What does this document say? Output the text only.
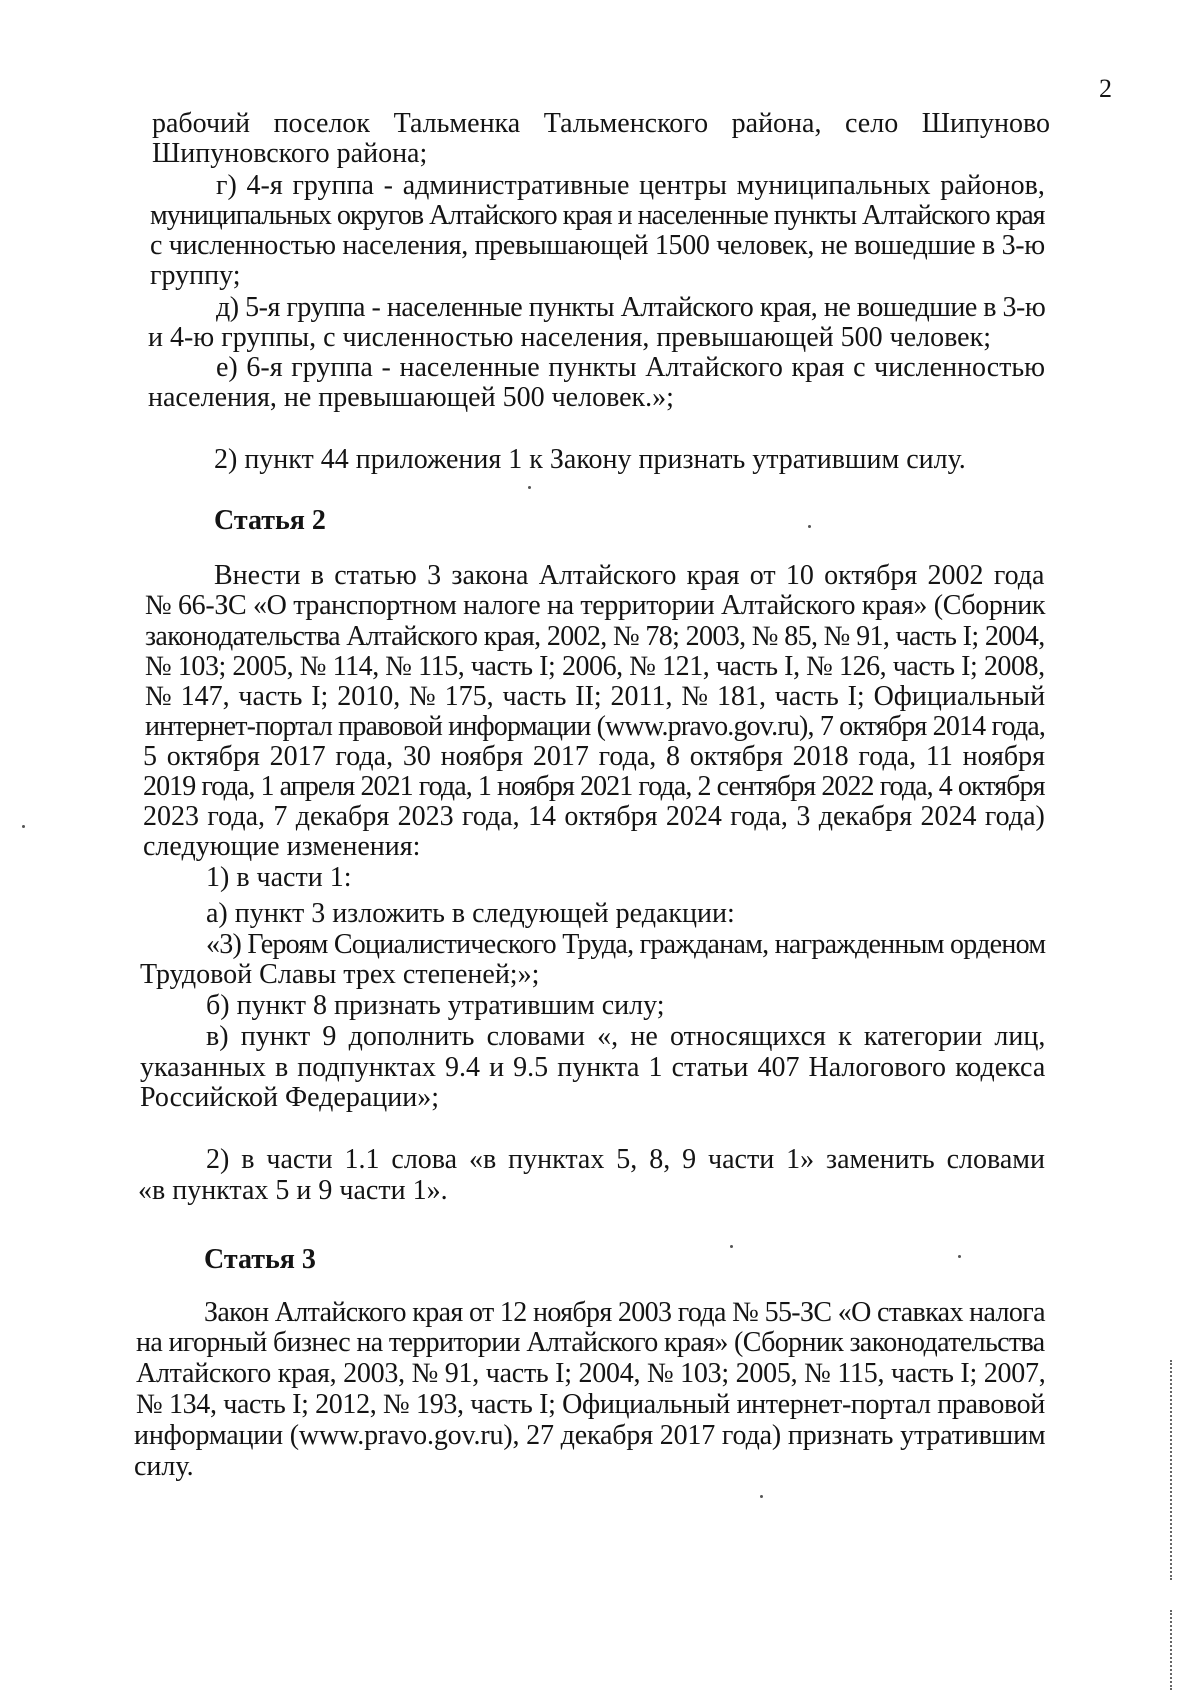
2
рабочий поселок Тальменка Тальменского района, село Шипуново
Шипуновского района;
г) 4-я группа - административные центры муниципальных районов,
муниципальных округов Алтайского края и населенные пункты Алтайского края
с численностью населения, превышающей 1500 человек, не вошедшие в 3-ю
группу;
д) 5-я группа - населенные пункты Алтайского края, не вошедшие в 3-ю
и 4-ю группы, с численностью населения, превышающей 500 человек;
е) 6-я группа - населенные пункты Алтайского края с численностью
населения, не превышающей 500 человек.»;
2) пункт 44 приложения 1 к Закону признать утратившим силу.
Статья 2
Внести в статью 3 закона Алтайского края от 10 октября 2002 года
№ 66-ЗС «О транспортном налоге на территории Алтайского края» (Сборник
законодательства Алтайского края, 2002, № 78; 2003, № 85, № 91, часть I; 2004,
№ 103; 2005, № 114, № 115, часть I; 2006, № 121, часть I, № 126, часть I; 2008,
№ 147, часть I; 2010, № 175, часть II; 2011, № 181, часть I; Официальный
интернет-портал правовой информации (www.pravo.gov.ru), 7 октября 2014 года,
5 октября 2017 года, 30 ноября 2017 года, 8 октября 2018 года, 11 ноября
2019 года, 1 апреля 2021 года, 1 ноября 2021 года, 2 сентября 2022 года, 4 октября
2023 года, 7 декабря 2023 года, 14 октября 2024 года, 3 декабря 2024 года)
следующие изменения:
1) в части 1:
а) пункт 3 изложить в следующей редакции:
«3) Героям Социалистического Труда, гражданам, награжденным орденом
Трудовой Славы трех степеней;»;
б) пункт 8 признать утратившим силу;
в) пункт 9 дополнить словами «, не относящихся к категории лиц,
указанных в подпунктах 9.4 и 9.5 пункта 1 статьи 407 Налогового кодекса
Российской Федерации»;
2) в части 1.1 слова «в пунктах 5, 8, 9 части 1» заменить словами
«в пунктах 5 и 9 части 1».
Статья 3
Закон Алтайского края от 12 ноября 2003 года № 55-ЗС «О ставках налога
на игорный бизнес на территории Алтайского края» (Сборник законодательства
Алтайского края, 2003, № 91, часть I; 2004, № 103; 2005, № 115, часть I; 2007,
№ 134, часть I; 2012, № 193, часть I; Официальный интернет-портал правовой
информации (www.pravo.gov.ru), 27 декабря 2017 года) признать утратившим
силу.
